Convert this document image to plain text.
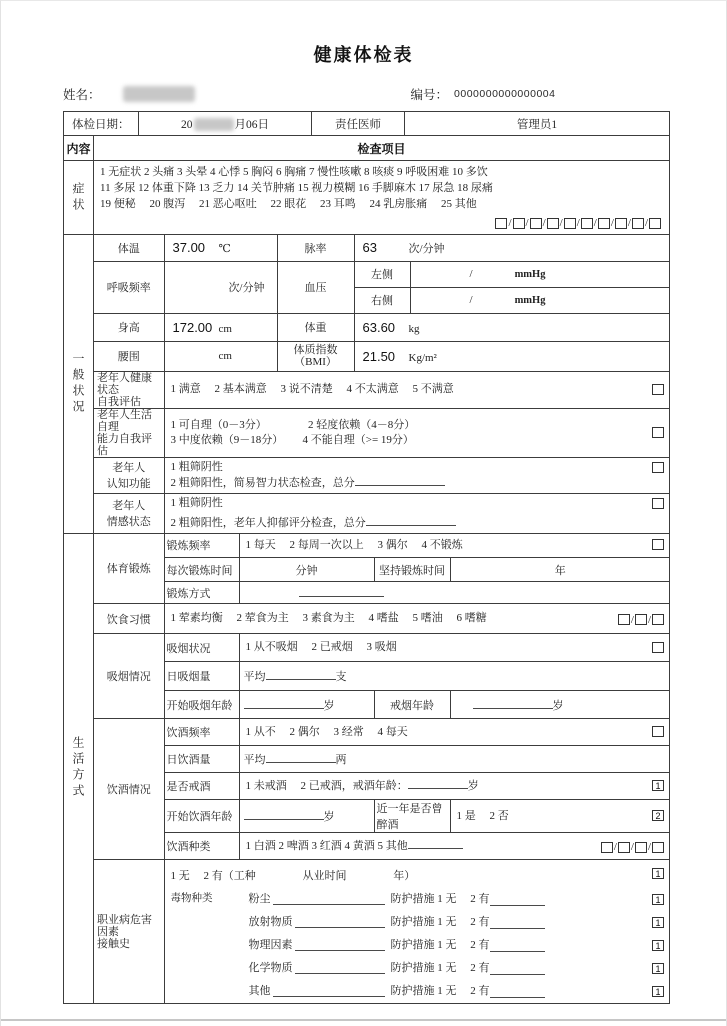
健康体检表
姓名：	编号： 0000000000000004
体检日期：	20	月06日	责任医师	管理员1
内容	检查项目

症状

1 无症状 2 头痛 3 头晕 4 心悸 5 胸闷 6 胸痛 7 慢性咳嗽 8 咳痰 9 呼吸困难 10 多饮
11 多尿 12 体重下降 13 乏力 14 关节肿痛 15 视力模糊 16 手脚麻木 17 尿急 18 尿痛
19 便秘　 20 腹泻　 21 恶心呕吐　 22 眼花　 23 耳鸣　 24 乳房胀痛　 25 其他
/ / / / / / / / /

一般状况

体温	37.00 ℃	脉率	63	次/分钟
呼吸频率	次/分钟	血压	左侧	/	mmHg
右侧	/	mmHg
身高	172.00 cm	体重	63.60 kg
腰围	cm	体质指数
（BMI）	21.50 Kg/m²

老年人健康状态
自我评估
	1 满意　 2 基本满意　 3 说不清楚　 4 不太满意　 5 不满意

老年人生活自理
能力自我评估

1 可自理（0－3分）　　　　 2 轻度依赖（4－8分）
3 中度依赖（9－18分）　　 4 不能自理（>= 19分）

老年人
认知功能

1 粗筛阴性
2 粗筛阳性，简易智力状态检查，总分

老年人
情感状态

1 粗筛阴性
2 粗筛阳性，老年人抑郁评分检查，总分

生活方式

体育锻炼	锻炼频率	1 每天　 2 每周一次以上　 3 偶尔　 4 不锻炼

每次锻炼时间	分钟	坚持锻炼时间	年
锻炼方式	
饮食习惯	1 荤素均衡　 2 荤食为主　 3 素食为主　 4 嗜盐　 5 嗜油　 6 嗜糖	/ /

吸烟情况	吸烟状况	1 从不吸烟　 2 已戒烟　 3 吸烟

日吸烟量	平均	支
开始吸烟年龄	岁	戒烟年龄	岁
饮酒情况	饮酒频率	1 从不　 2 偶尔　 3 经常　 4 每天

日饮酒量	平均	两
是否戒酒	1 未戒酒　 2 已戒酒，戒酒年龄：	岁	1

开始饮酒年龄	岁	近一年是否曾醉酒	1 是　 2 否	2

饮酒种类	1 白酒 2 啤酒 3 红酒 4 黄酒 5 其他	/ / /

职业病危害因素
接触史

1 无　 2 有（工种　　　　 从业时间　　　　 年）	1
毒物种类	粉尘	防护措施 1 无　 2 有	1
放射物质	防护措施 1 无　 2 有	1
物理因素	防护措施 1 无　 2 有	1
化学物质	防护措施 1 无　 2 有	1
其他	防护措施 1 无　 2 有	1
